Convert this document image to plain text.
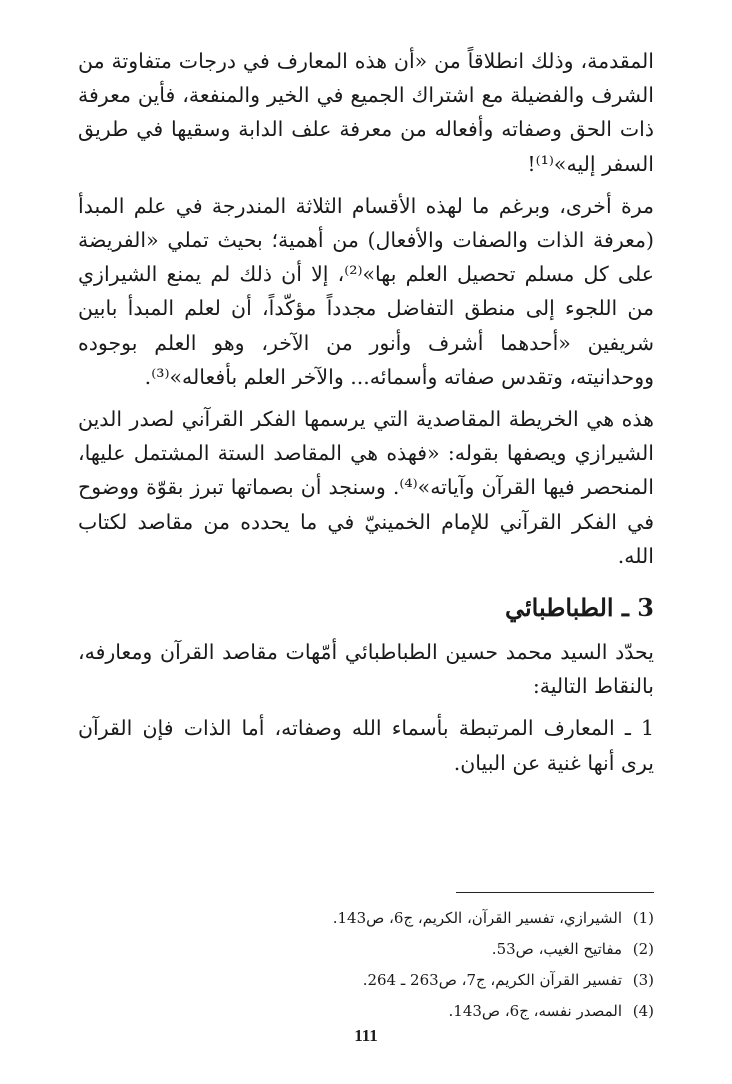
المقدمة، وذلك انطلاقاً من «أن هذه المعارف في درجات متفاوتة من الشرف والفضيلة مع اشتراك الجميع في الخير والمنفعة، فأين معرفة ذات الحق وصفاته وأفعاله من معرفة علف الدابة وسقيها في طريق السفر إليه»⁽¹⁾!

مرة أخرى، وبرغم ما لهذه الأقسام الثلاثة المندرجة في علم المبدأ (معرفة الذات والصفات والأفعال) من أهمية؛ بحيث تملي «الفريضة على كل مسلم تحصيل العلم بها»⁽²⁾، إلا أن ذلك لم يمنع الشيرازي من اللجوء إلى منطق التفاضل مجدداً مؤكّداً، أن لعلم المبدأ بابين شريفين «أحدهما أشرف وأنور من الآخر، وهو العلم بوجوده ووحدانيته، وتقدس صفاته وأسمائه... والآخر العلم بأفعاله»⁽³⁾.

هذه هي الخريطة المقاصدية التي يرسمها الفكر القرآني لصدر الدين الشيرازي ويصفها بقوله: «فهذه هي المقاصد الستة المشتمل عليها، المنحصر فيها القرآن وآياته»⁽⁴⁾. وسنجد أن بصماتها تبرز بقوّة ووضوح في الفكر القرآني للإمام الخمينيّ في ما يحدده من مقاصد لكتاب الله.

3 ـ الطباطبائي

يحدّد السيد محمد حسين الطباطبائي أمّهات مقاصد القرآن ومعارفه، بالنقاط التالية:

1 ـ المعارف المرتبطة بأسماء الله وصفاته، أما الذات فإن القرآن يرى أنها غنية عن البيان.

(1)
الشيرازي، تفسير القرآن، الكريم، ج6، ص143.
(2)
مفاتيح الغيب، ص53.
(3)
تفسير القرآن الكريم، ج7، ص263 ـ 264.
(4)
المصدر نفسه، ج6، ص143.
111
